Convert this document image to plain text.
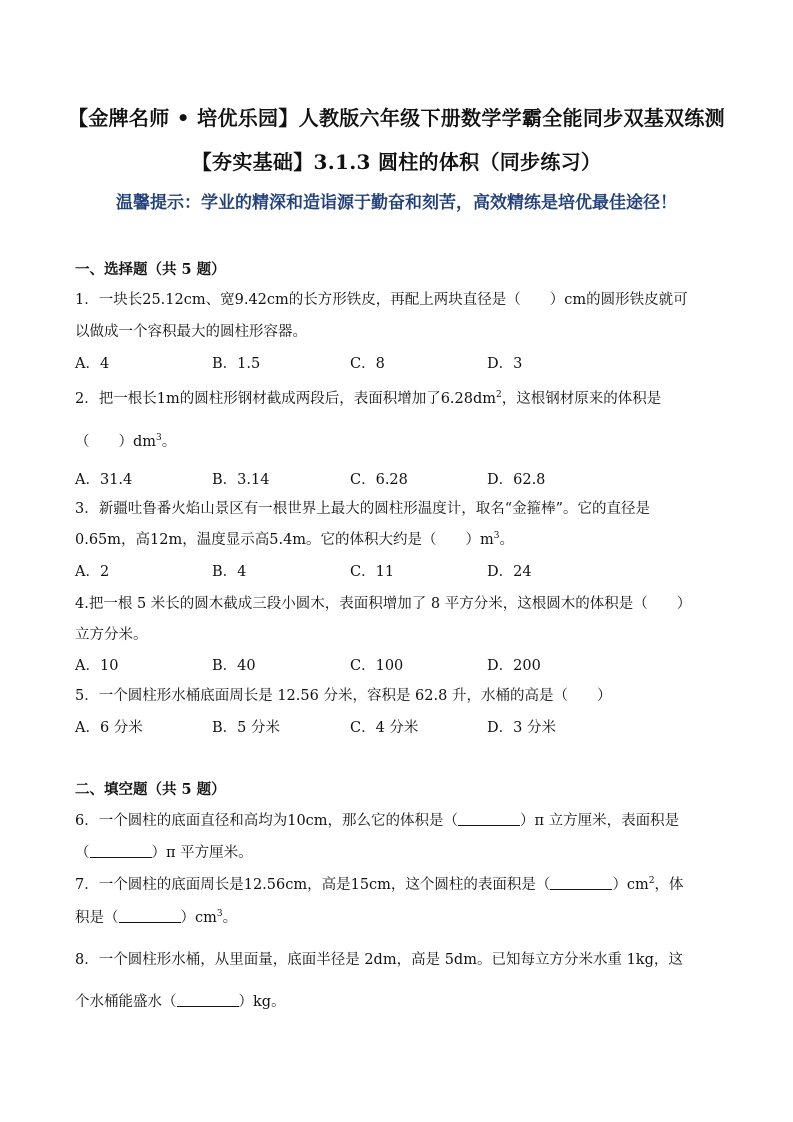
【金牌名师 • 培优乐园】人教版六年级下册数学学霸全能同步双基双练测
【夯实基础】3.1.3 圆柱的体积（同步练习）
温馨提示：学业的精深和造诣源于勤奋和刻苦，高效精练是培优最佳途径！
一、选择题（共 5 题）
1．一块长25.12cm、宽9.42cm的长方形铁皮，再配上两块直径是（　　）cm的圆形铁皮就可
以做成一个容积最大的圆柱形容器。
A．4	B．1.5	C．8	D．3
2．把一根长1m的圆柱形钢材截成两段后，表面积增加了$6.28dm^2$，这根钢材原来的体积是
（　　）$dm^3$。
A．31.4	B．3.14	C．6.28	D．62.8
3．新疆吐鲁番火焰山景区有一根世界上最大的圆柱形温度计，取名“金箍棒”。它的直径是
0.65m，高12m，温度显示高5.4m。它的体积大约是（　　）$m^3$。
A．2	B．4	C．11	D．24
4.把一根 5 米长的圆木截成三段小圆木，表面积增加了 8 平方分米，这根圆木的体积是（　　）
立方分米。
A．10	B．40	C．100	D．200
5．一个圆柱形水桶底面周长是 12.56 分米，容积是 62.8 升，水桶的高是（　　）
A．6 分米	B．5 分米	C．4 分米	D．3 分米
二、填空题（共 5 题）
6．一个圆柱的底面直径和高均为10cm，那么它的体积是（	）π 立方厘米，表面积是
（	）π 平方厘米。
7．一个圆柱的底面周长是12.56cm，高是15cm，这个圆柱的表面积是（	）$cm^2$，体
积是（	）$cm^3$。
8．一个圆柱形水桶，从里面量，底面半径是 2dm，高是 5dm。已知每立方分米水重 1kg，这
个水桶能盛水（	）kg。
